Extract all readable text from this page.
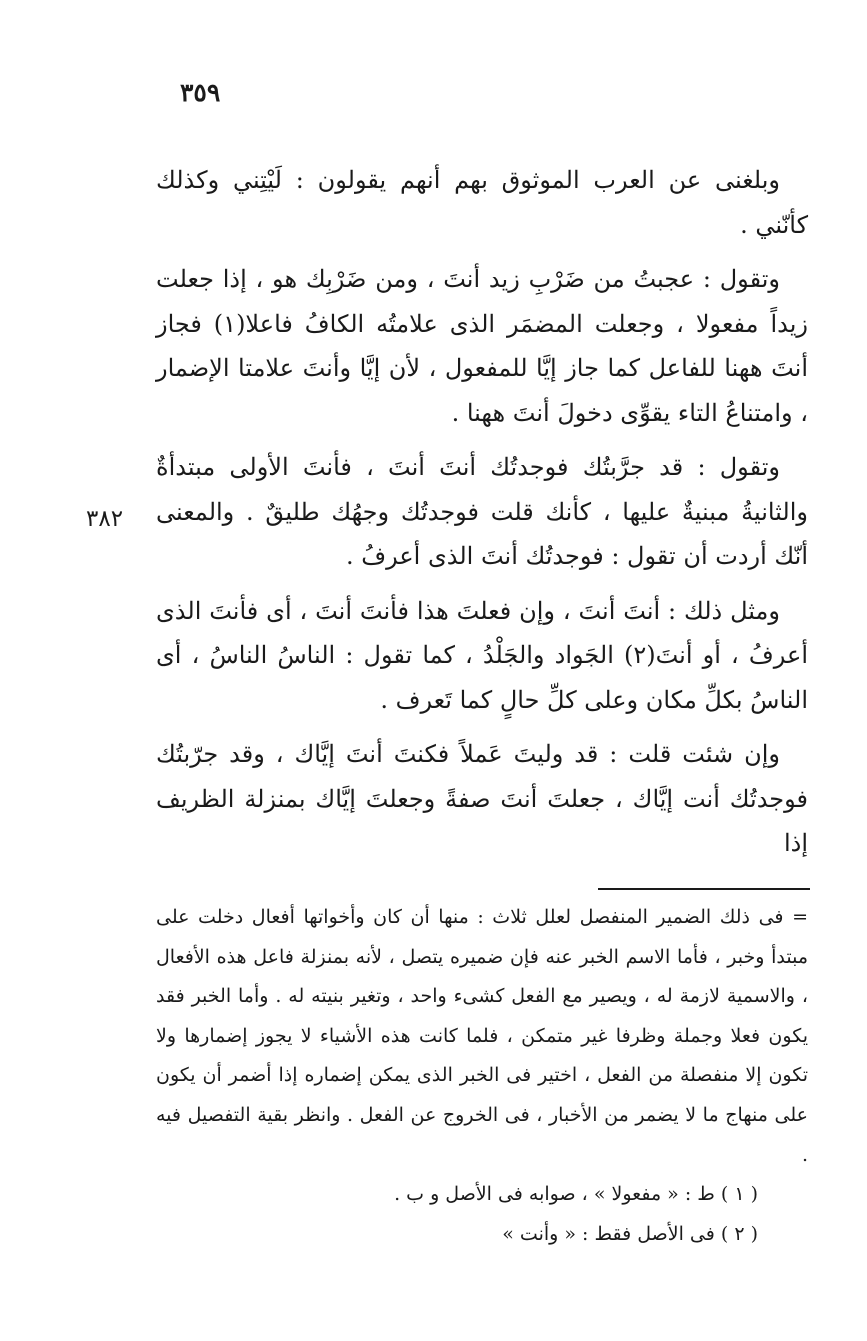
٣٥٩
٣٨٢

وبلغنى عن العرب الموثوق بهم أنهم يقولون : لَيْتِني وكذلك كأنّني .

وتقول : عجبتُ من ضَرْبِ زيد أنتَ ، ومن ضَرْبِك هو ، إذا جعلت زيداً مفعولا ، وجعلت المضمَر الذى علامتُه الكافُ فاعلا(١) فجاز أنتَ ههنا للفاعل كما جاز إيَّا للمفعول ، لأن إيَّا وأنتَ علامتا الإضمار ، وامتناعُ التاء يقوِّى دخولَ أنتَ ههنا .

وتقول : قد جرَّبتُك فوجدتُك أنتَ أنتَ ، فأنتَ الأولى مبتدأةٌ والثانيةُ مبنيةٌ عليها ، كأنك قلت فوجدتُك وجهُك طليقٌ . والمعنى أنّك أردت أن تقول : فوجدتُك أنتَ الذى أعرفُ .

ومثل ذلك : أنتَ أنتَ ، وإن فعلتَ هذا فأنتَ أنتَ ، أى فأنتَ الذى أعرفُ ، أو أنتَ(٢) الجَواد والجَلْدُ ، كما تقول : الناسُ الناسُ ، أى الناسُ بكلِّ مكان وعلى كلِّ حالٍ كما تَعرف .

وإن شئت قلت : قد وليتَ عَملاً فكنتَ أنتَ إيَّاك ، وقد جرّبتُك فوجدتُك أنت إيَّاك ، جعلتَ أنتَ صفةً وجعلتَ إيَّاك بمنزلة الظريف إذا

= فى ذلك الضمير المنفصل لعلل ثلاث : منها أن كان وأخواتها أفعال دخلت على مبتدأ وخبر ، فأما الاسم الخبر عنه فإن ضميره يتصل ، لأنه بمنزلة فاعل هذه الأفعال ، والاسمية لازمة له ، ويصير مع الفعل كشىء واحد ، وتغير بنيته له . وأما الخبر فقد يكون فعلا وجملة وظرفا غير متمكن ، فلما كانت هذه الأشياء لا يجوز إضمارها ولا تكون إلا منفصلة من الفعل ، اختير فى الخبر الذى يمكن إضماره إذا أضمر أن يكون على منهاج ما لا يضمر من الأخبار ، فى الخروج عن الفعل . وانظر بقية التفصيل فيه .

( ١ ) ط : « مفعولا » ، صوابه فى الأصل و ب .

( ٢ ) فى الأصل فقط : « وأنت »
